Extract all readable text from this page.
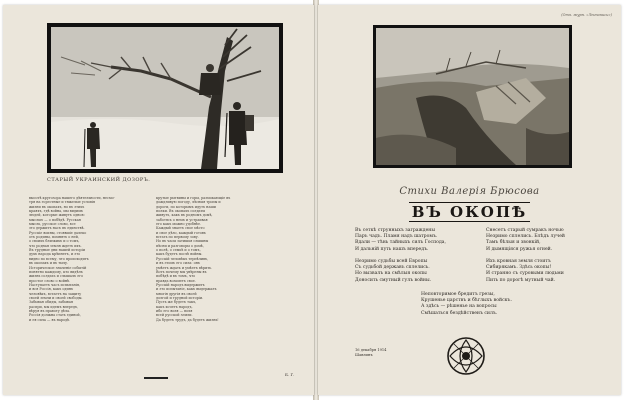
СТАРЫЙ УКРАИНСКИЙ ДОЗОРЪ.
высотѣ кругозора нашего дѣятельности, несмо-
тря на горестные и тяжелые условія
жизни въ окопахъ, но въ этихъ
краяхъ, гдѣ война, мы видимъ
людей, которые живутъ одною
мыслью — о побѣдѣ. Русская
мысль, русское слово, все
это держитъ насъ въ единствѣ.
Русскіе воины, стоявшіе далеко
отъ родины, помнятъ о ней,
о своихъ близкихъ и о томъ,
что родная земля ждетъ ихъ.
Въ трудные дни нашей исторіи
духъ народа крѣпнетъ, и это
видно по всему, что происходитъ
въ окопахъ и въ тылу.
Историческое значеніе событій
понятно каждому, кто видѣлъ
жизнь солдата и слышалъ его
простое слово о войнѣ.
Наступаетъ часъ испытанія,
и вся Россія, какъ одинъ
человѣкъ, встаетъ на защиту
своей земли и своей свободы.
Забывая обиды, забывая
распри, мы идемъ впередъ,
вѣруя въ правоту дѣла.
Россія должна стать единой,
и ея сила — въ народѣ.
крутые рытвины и горы, размокающіе въ
дождливую погоду, лѣсныя тропы и
дороги, по которымъ идутъ наши
полки. Въ окопахъ солдаты
живутъ, какъ въ родномъ домѣ,
заботясь о немъ и устраивая
его какъ можно удобнѣе.
Каждый знаетъ свое мѣсто
и свое дѣло, каждый готовъ
встать по первому зову.
Но въ часы затишья слышны
пѣсни и разговоры о домѣ,
о полѣ, о семьѣ и о томъ,
какъ будетъ послѣ войны.
Русскій человѣкъ терпѣливъ,
и въ этомъ его сила: онъ
умѣетъ ждать и умѣетъ вѣрить.
Вотъ почему мы увѣрены въ
побѣдѣ и въ томъ, что
правда возьметъ свое.
Русскій народъ выдержитъ
и это испытаніе, какъ выдержалъ
многія другія въ своей
долгой и трудной исторіи.
Пусть же будетъ такъ,
какъ хочетъ народъ,
ибо его воля — воля
всей русской земли.
Да будетъ трудъ, да будетъ жизнь!
Б. Г.
(Отъ. журн. «Лѣтописи»)
Стихи Валерія Брюсова
ВЪ ОКОПѢ
Въ сеткѣ струнныхъ заграждены
Паръ чадъ. Пламя надъ шатромъ.
Вдали — тѣнь тайныхъ силъ Господа,
И дальній путь нашъ впередъ.
Незримо судьбы всей Европы
Съ судьбой державъ сплелись.
Но вызвалъ на смѣлыя окопы
Доносить смутный гулъ войны.
Снесетъ старый сумракъ ночью
Незримо сплелись. Блѣдъ лучей
Тамъ бѣлыя и звонкій,
И дымящіяся ружья огней.
Ихъ кровная земля стоитъ
Сибирякамъ. Здѣсь окопы!
И странно съ суровыми людьми
Пить по дорогѣ мутный чай.
Неповторимое бредитъ грезы,
Крушенье царствъ и бѣглыхъ войскъ.
А здѣсь — рѣшенье на вопросы
Смѣшаться бездѣйственъ силъ.
16 декабря 1914
Шавлинъ
